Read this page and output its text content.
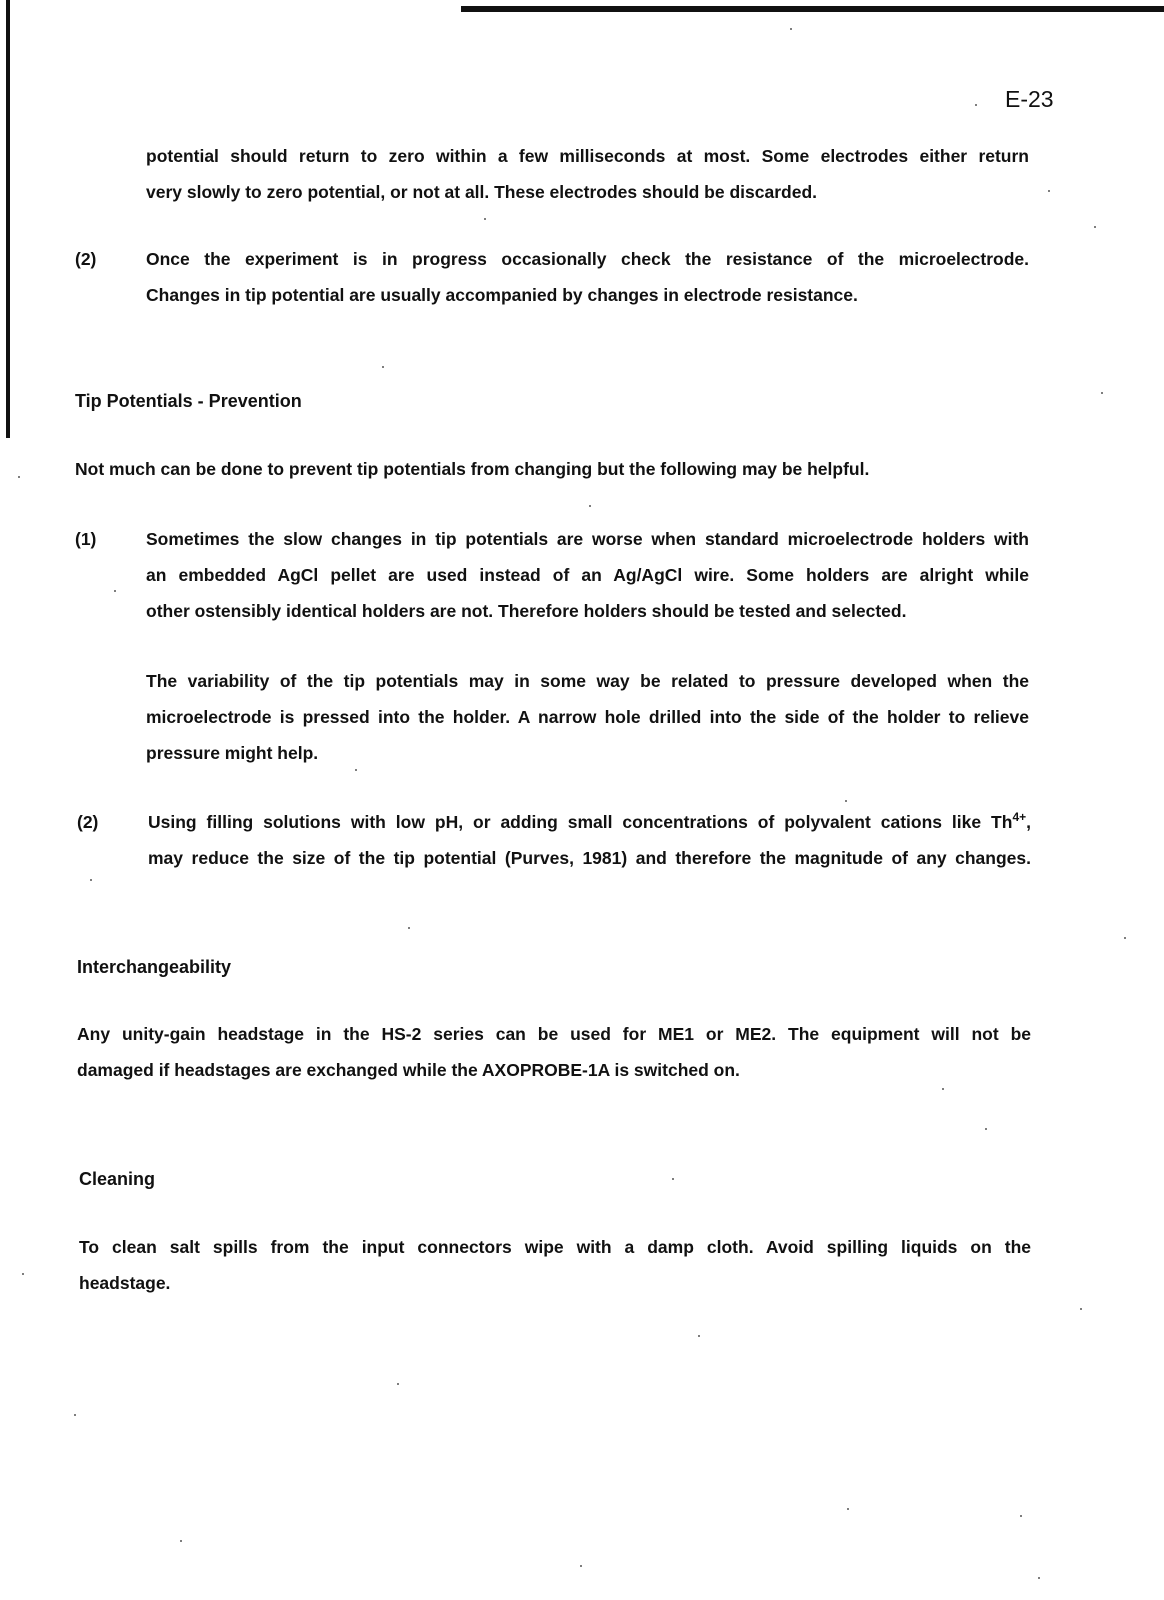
E-23

potential should return to zero within a few milliseconds at most. Some electrodes either return

very slowly to zero potential, or not at all. These electrodes should be discarded.

(2)	Once the experiment is in progress occasionally check the resistance of the microelectrode.

Changes in tip potential are usually accompanied by changes in electrode resistance.

Tip Potentials - Prevention

Not much can be done to prevent tip potentials from changing but the following may be helpful.

(1)	Sometimes the slow changes in tip potentials are worse when standard microelectrode holders with

an embedded AgCl pellet are used instead of an Ag/AgCl wire. Some holders are alright while

other ostensibly identical holders are not. Therefore holders should be tested and selected.

The variability of the tip potentials may in some way be related to pressure developed when the

microelectrode is pressed into the holder. A narrow hole drilled into the side of the holder to relieve

pressure might help.

(2)	Using filling solutions with low pH, or adding small concentrations of polyvalent cations like $Th^{4+}$,

may reduce the size of the tip potential (Purves, 1981) and therefore the magnitude of any changes.

Interchangeability

Any unity-gain headstage in the HS-2 series can be used for ME1 or ME2. The equipment will not be

damaged if headstages are exchanged while the AXOPROBE-1A is switched on.

Cleaning

To clean salt spills from the input connectors wipe with a damp cloth. Avoid spilling liquids on the

headstage.
